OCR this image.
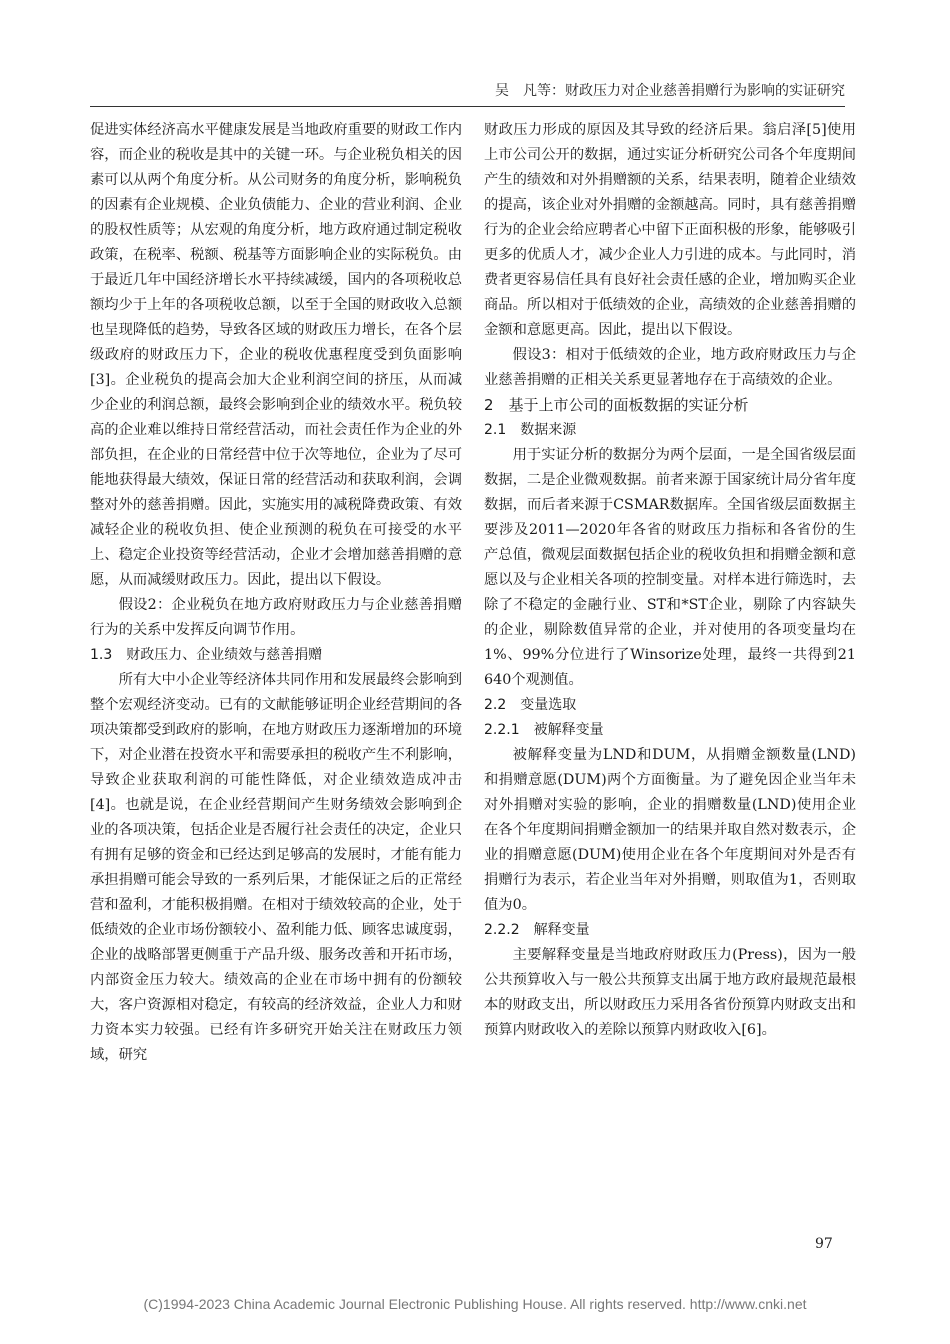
吴　凡等：财政压力对企业慈善捐赠行为影响的实证研究

促进实体经济高水平健康发展是当地政府重要的财政工作内容，而企业的税收是其中的关键一环。与企业税负相关的因素可以从两个角度分析。从公司财务的角度分析，影响税负的因素有企业规模、企业负债能力、企业的营业利润、企业的股权性质等；从宏观的角度分析，地方政府通过制定税收政策，在税率、税额、税基等方面影响企业的实际税负。由于最近几年中国经济增长水平持续减缓，国内的各项税收总额均少于上年的各项税收总额，以至于全国的财政收入总额也呈现降低的趋势，导致各区域的财政压力增长，在各个层级政府的财政压力下，企业的税收优惠程度受到负面影响[3]。企业税负的提高会加大企业利润空间的挤压，从而减少企业的利润总额，最终会影响到企业的绩效水平。税负较高的企业难以维持日常经营活动，而社会责任作为企业的外部负担，在企业的日常经营中位于次等地位，企业为了尽可能地获得最大绩效，保证日常的经营活动和获取利润，会调整对外的慈善捐赠。因此，实施实用的减税降费政策、有效减轻企业的税收负担、使企业预测的税负在可接受的水平上、稳定企业投资等经营活动，企业才会增加慈善捐赠的意愿，从而减缓财政压力。因此，提出以下假设。

假设2：企业税负在地方政府财政压力与企业慈善捐赠行为的关系中发挥反向调节作用。

1.3　财政压力、企业绩效与慈善捐赠

所有大中小企业等经济体共同作用和发展最终会影响到整个宏观经济变动。已有的文献能够证明企业经营期间的各项决策都受到政府的影响，在地方财政压力逐渐增加的环境下，对企业潜在投资水平和需要承担的税收产生不利影响，导致企业获取利润的可能性降低，对企业绩效造成冲击[4]。也就是说，在企业经营期间产生财务绩效会影响到企业的各项决策，包括企业是否履行社会责任的决定，企业只有拥有足够的资金和已经达到足够高的发展时，才能有能力承担捐赠可能会导致的一系列后果，才能保证之后的正常经营和盈利，才能积极捐赠。在相对于绩效较高的企业，处于低绩效的企业市场份额较小、盈利能力低、顾客忠诚度弱，企业的战略部署更侧重于产品升级、服务改善和开拓市场，内部资金压力较大。绩效高的企业在市场中拥有的份额较大，客户资源相对稳定，有较高的经济效益，企业人力和财力资本实力较强。已经有许多研究开始关注在财政压力领域，研究

财政压力形成的原因及其导致的经济后果。翁启泽[5]使用上市公司公开的数据，通过实证分析研究公司各个年度期间产生的绩效和对外捐赠额的关系，结果表明，随着企业绩效的提高，该企业对外捐赠的金额越高。同时，具有慈善捐赠行为的企业会给应聘者心中留下正面积极的形象，能够吸引更多的优质人才，减少企业人力引进的成本。与此同时，消费者更容易信任具有良好社会责任感的企业，增加购买企业商品。所以相对于低绩效的企业，高绩效的企业慈善捐赠的金额和意愿更高。因此，提出以下假设。

假设3：相对于低绩效的企业，地方政府财政压力与企业慈善捐赠的正相关关系更显著地存在于高绩效的企业。

2　基于上市公司的面板数据的实证分析

2.1　数据来源

用于实证分析的数据分为两个层面，一是全国省级层面数据，二是企业微观数据。前者来源于国家统计局分省年度数据，而后者来源于CSMAR数据库。全国省级层面数据主要涉及2011—2020年各省的财政压力指标和各省份的生产总值，微观层面数据包括企业的税收负担和捐赠金额和意愿以及与企业相关各项的控制变量。对样本进行筛选时，去除了不稳定的金融行业、ST和*ST企业，剔除了内容缺失的企业，剔除数值异常的企业，并对使用的各项变量均在1%、99%分位进行了Winsorize处理，最终一共得到21 640个观测值。

2.2　变量选取

2.2.1　被解释变量

被解释变量为LND和DUM，从捐赠金额数量(LND)和捐赠意愿(DUM)两个方面衡量。为了避免因企业当年未对外捐赠对实验的影响，企业的捐赠数量(LND)使用企业在各个年度期间捐赠金额加一的结果并取自然对数表示，企业的捐赠意愿(DUM)使用企业在各个年度期间对外是否有捐赠行为表示，若企业当年对外捐赠，则取值为1，否则取值为0。

2.2.2　解释变量

主要解释变量是当地政府财政压力(Press)，因为一般公共预算收入与一般公共预算支出属于地方政府最规范最根本的财政支出，所以财政压力采用各省份预算内财政支出和预算内财政收入的差除以预算内财政收入[6]。

97
(C)1994-2023 China Academic Journal Electronic Publishing House. All rights reserved. http://www.cnki.net
